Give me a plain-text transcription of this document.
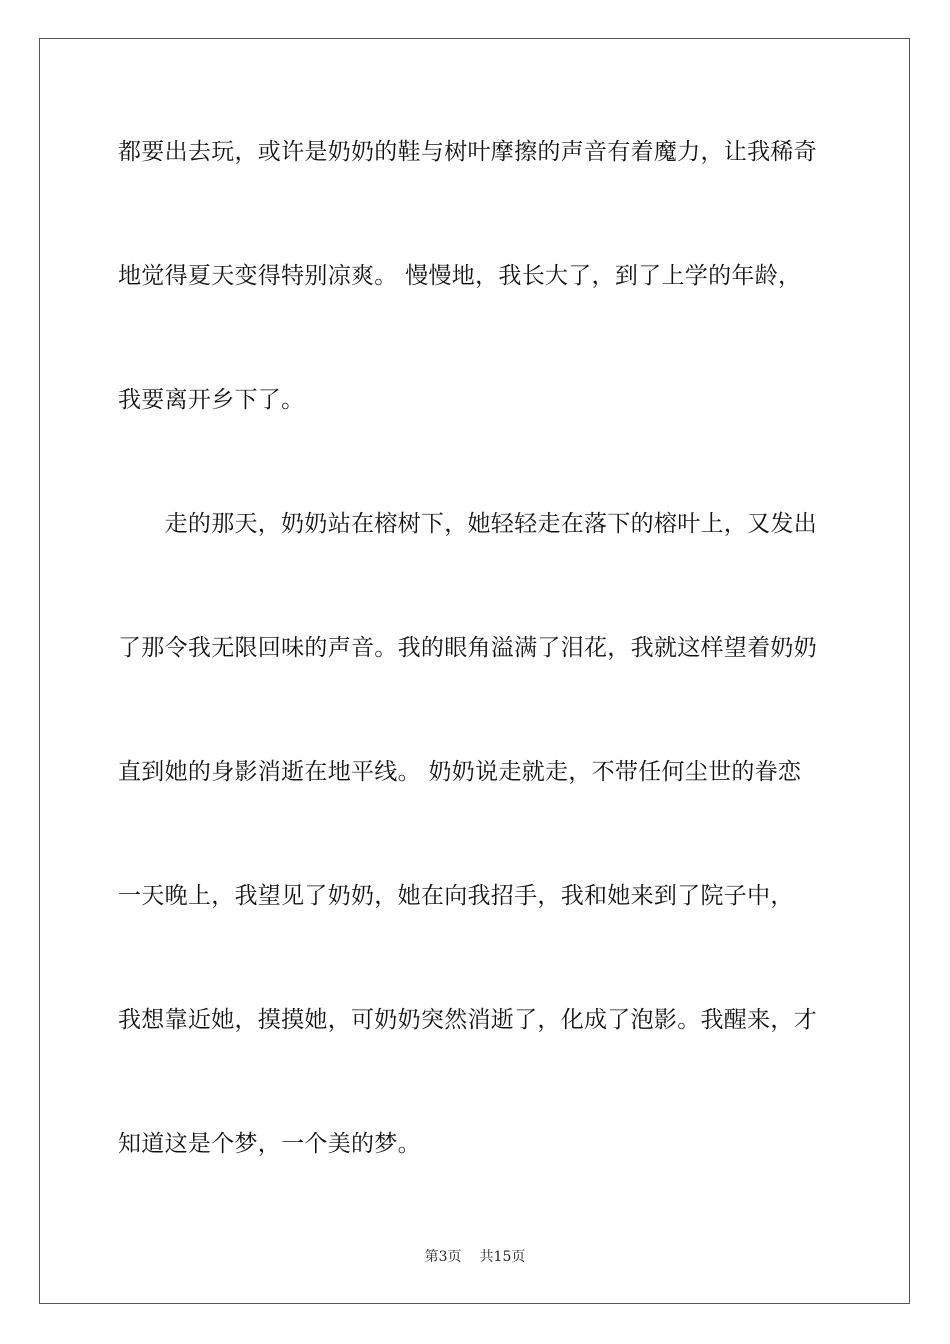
都要出去玩，或许是奶奶的鞋与树叶摩擦的声音有着魔力，让我稀奇
地觉得夏天变得特别凉爽。 慢慢地，我长大了，到了上学的年龄，
我要离开乡下了。
　　走的那天，奶奶站在榕树下，她轻轻走在落下的榕叶上，又发出
了那令我无限回味的声音。我的眼角溢满了泪花，我就这样望着奶奶
直到她的身影消逝在地平线。 奶奶说走就走，不带任何尘世的眷恋
一天晚上，我望见了奶奶，她在向我招手，我和她来到了院子中，
我想靠近她，摸摸她，可奶奶突然消逝了，化成了泡影。我醒来，才
知道这是个梦，一个美的梦。
第3页 共15页
